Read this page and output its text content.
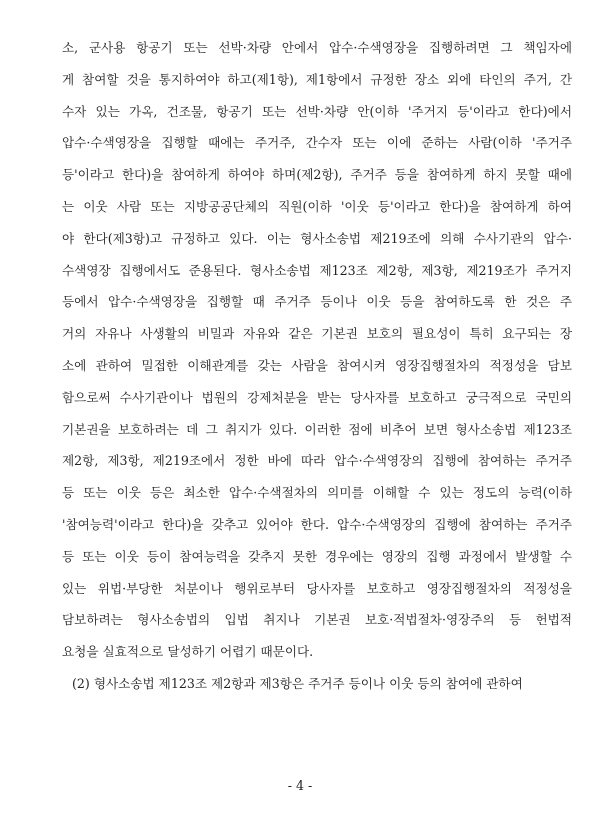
소, 군사용 항공기 또는 선박·차량 안에서 압수·수색영장을 집행하려면 그 책임자에
게 참여할 것을 통지하여야 하고(제1항), 제1항에서 규정한 장소 외에 타인의 주거, 간
수자 있는 가옥, 건조물, 항공기 또는 선박·차량 안(이하 '주거지 등'이라고 한다)에서
압수·수색영장을 집행할 때에는 주거주, 간수자 또는 이에 준하는 사람(이하 '주거주
등'이라고 한다)을 참여하게 하여야 하며(제2항), 주거주 등을 참여하게 하지 못할 때에
는 이웃 사람 또는 지방공공단체의 직원(이하 '이웃 등'이라고 한다)을 참여하게 하여
야 한다(제3항)고 규정하고 있다. 이는 형사소송법 제219조에 의해 수사기관의 압수·
수색영장 집행에서도 준용된다. 형사소송법 제123조 제2항, 제3항, 제219조가 주거지
등에서 압수·수색영장을 집행할 때 주거주 등이나 이웃 등을 참여하도록 한 것은 주
거의 자유나 사생활의 비밀과 자유와 같은 기본권 보호의 필요성이 특히 요구되는 장
소에 관하여 밀접한 이해관계를 갖는 사람을 참여시켜 영장집행절차의 적정성을 담보
함으로써 수사기관이나 법원의 강제처분을 받는 당사자를 보호하고 궁극적으로 국민의
기본권을 보호하려는 데 그 취지가 있다. 이러한 점에 비추어 보면 형사소송법 제123조
제2항, 제3항, 제219조에서 정한 바에 따라 압수·수색영장의 집행에 참여하는 주거주
등 또는 이웃 등은 최소한 압수·수색절차의 의미를 이해할 수 있는 정도의 능력(이하
'참여능력'이라고 한다)을 갖추고 있어야 한다. 압수·수색영장의 집행에 참여하는 주거주
등 또는 이웃 등이 참여능력을 갖추지 못한 경우에는 영장의 집행 과정에서 발생할 수
있는 위법·부당한 처분이나 행위로부터 당사자를 보호하고 영장집행절차의 적정성을
담보하려는 형사소송법의 입법 취지나 기본권 보호·적법절차·영장주의 등 헌법적
요청을 실효적으로 달성하기 어렵기 때문이다.
(2) 형사소송법 제123조 제2항과 제3항은 주거주 등이나 이웃 등의 참여에 관하여
- 4 -
